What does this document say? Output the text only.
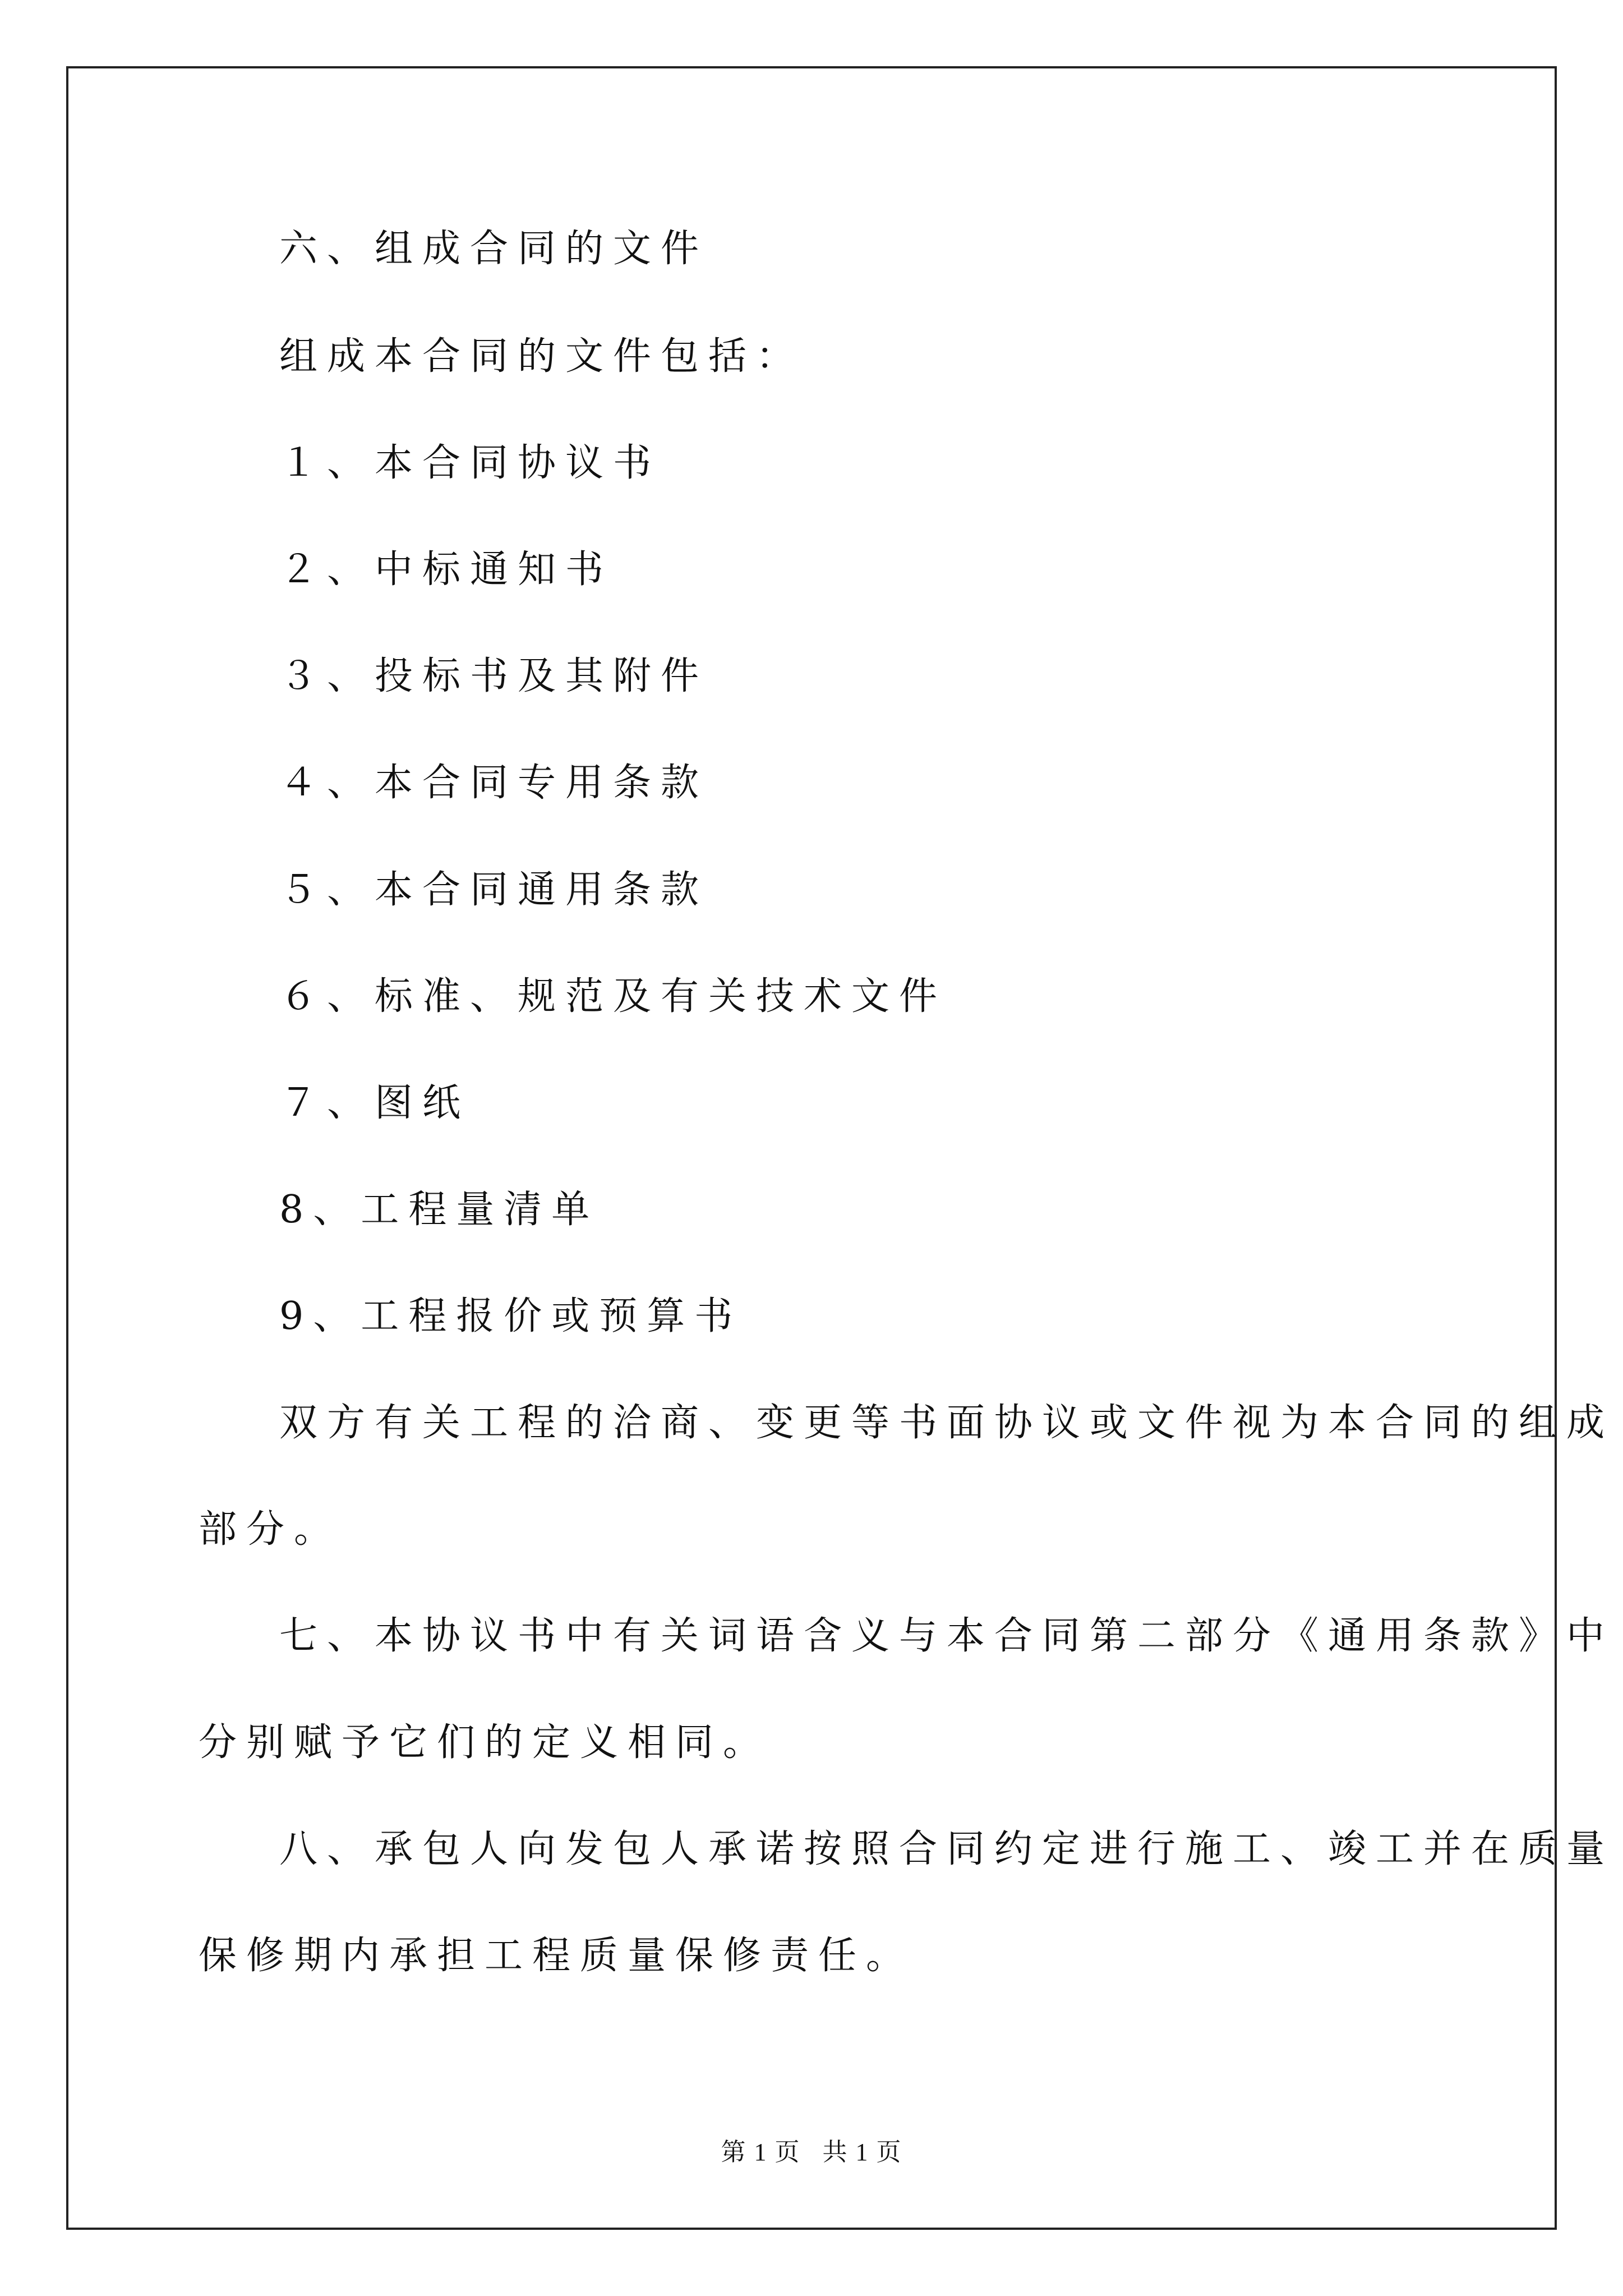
六、组成合同的文件

组成本合同的文件包括：

１、本合同协议书

２、中标通知书

３、投标书及其附件

４、本合同专用条款

５、本合同通用条款

６、标准、规范及有关技术文件

７、图纸

8、工程量清单

9、工程报价或预算书

双方有关工程的洽商、变更等书面协议或文件视为本合同的组成

部分。

七、本协议书中有关词语含义与本合同第二部分《通用条款》中

分别赋予它们的定义相同。

八、承包人向发包人承诺按照合同约定进行施工、竣工并在质量

保修期内承担工程质量保修责任。

第 1 页   共 1 页
